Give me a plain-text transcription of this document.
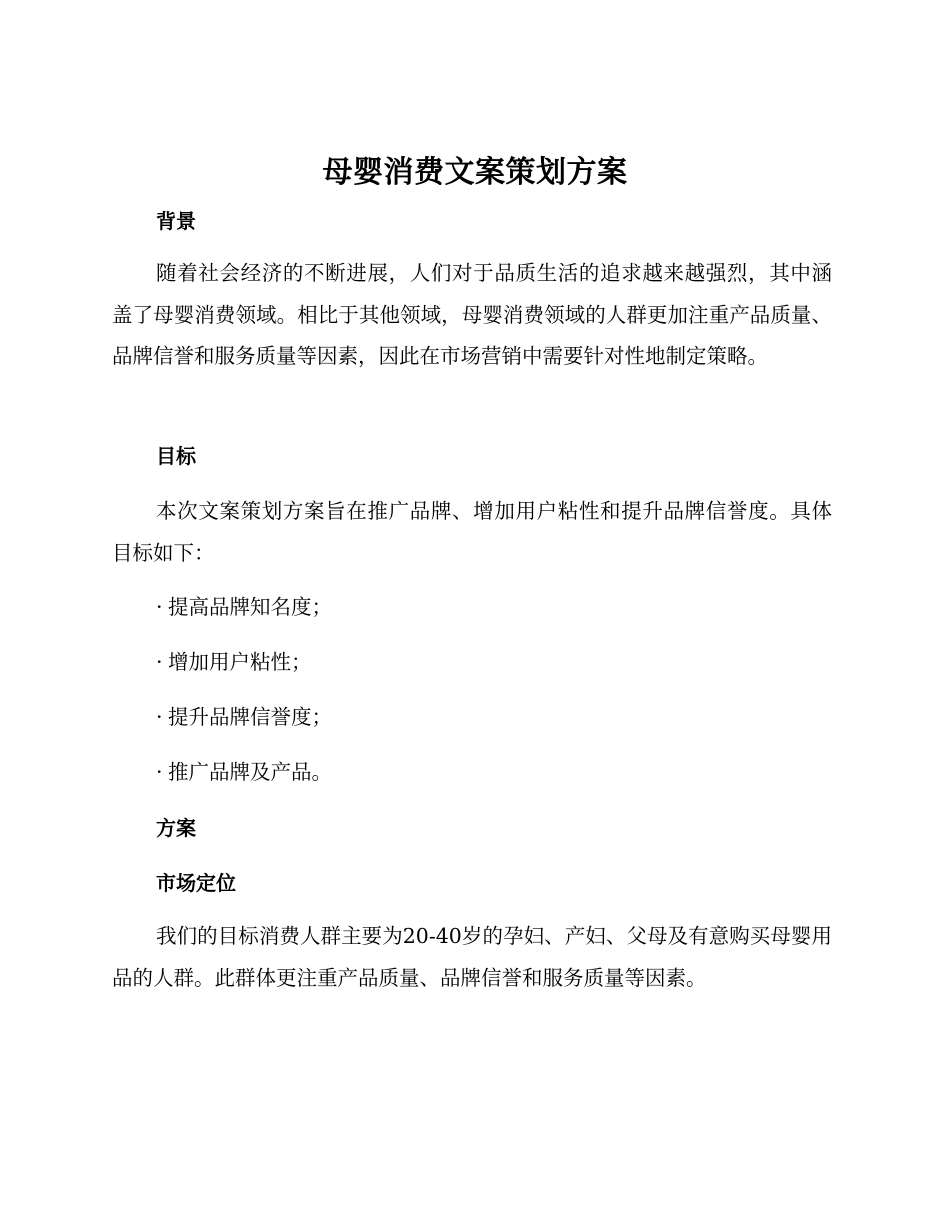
母婴消费文案策划方案
背景

随着社会经济的不断进展，人们对于品质生活的追求越来越强烈，其中涵盖了母婴消费领域。相比于其他领域，母婴消费领域的人群更加注重产品质量、品牌信誉和服务质量等因素，因此在市场营销中需要针对性地制定策略。

目标

本次文案策划方案旨在推广品牌、增加用户粘性和提升品牌信誉度。具体目标如下：

· 提高品牌知名度；
· 增加用户粘性；
· 提升品牌信誉度；
· 推广品牌及产品。
方案
市场定位

我们的目标消费人群主要为20-40岁的孕妇、产妇、父母及有意购买母婴用品的人群。此群体更注重产品质量、品牌信誉和服务质量等因素。
